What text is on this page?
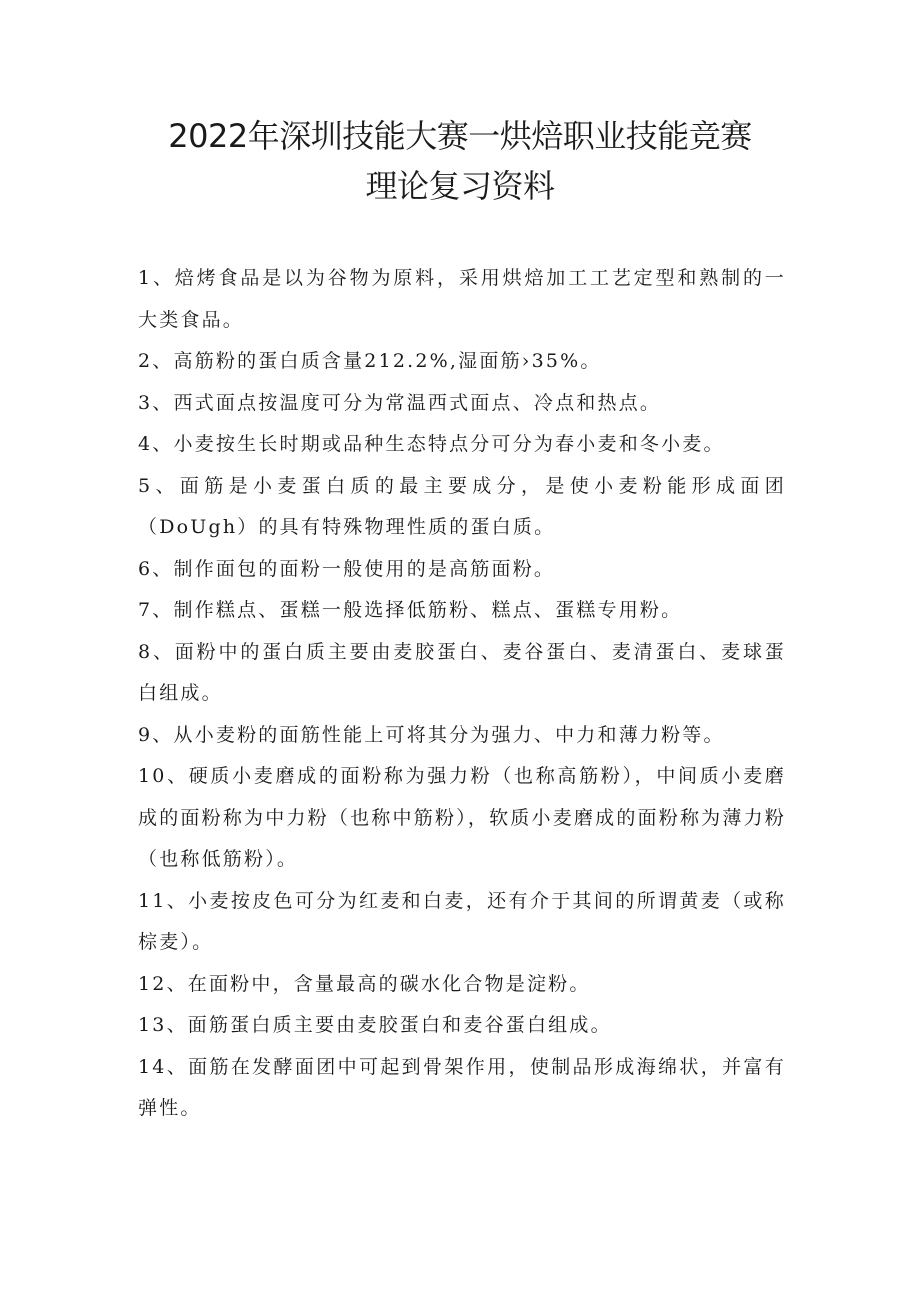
2022年深圳技能大赛一烘焙职业技能竞赛
理论复习资料
1、焙烤食品是以为谷物为原料，采用烘焙加工工艺定型和熟制的一大类食品。
2、高筋粉的蛋白质含量212.2%,湿面筋›35%。
3、西式面点按温度可分为常温西式面点、冷点和热点。
4、小麦按生长时期或品种生态特点分可分为春小麦和冬小麦。
5、面筋是小麦蛋白质的最主要成分，是使小麦粉能形成面团（DoUgh）的具有特殊物理性质的蛋白质。
6、制作面包的面粉一般使用的是高筋面粉。
7、制作糕点、蛋糕一般选择低筋粉、糕点、蛋糕专用粉。
8、面粉中的蛋白质主要由麦胶蛋白、麦谷蛋白、麦清蛋白、麦球蛋白组成。
9、从小麦粉的面筋性能上可将其分为强力、中力和薄力粉等。
10、硬质小麦磨成的面粉称为强力粉（也称高筋粉），中间质小麦磨成的面粉称为中力粉（也称中筋粉），软质小麦磨成的面粉称为薄力粉（也称低筋粉）。
11、小麦按皮色可分为红麦和白麦，还有介于其间的所谓黄麦（或称棕麦）。
12、在面粉中，含量最高的碳水化合物是淀粉。
13、面筋蛋白质主要由麦胶蛋白和麦谷蛋白组成。
14、面筋在发酵面团中可起到骨架作用，使制品形成海绵状，并富有弹性。
